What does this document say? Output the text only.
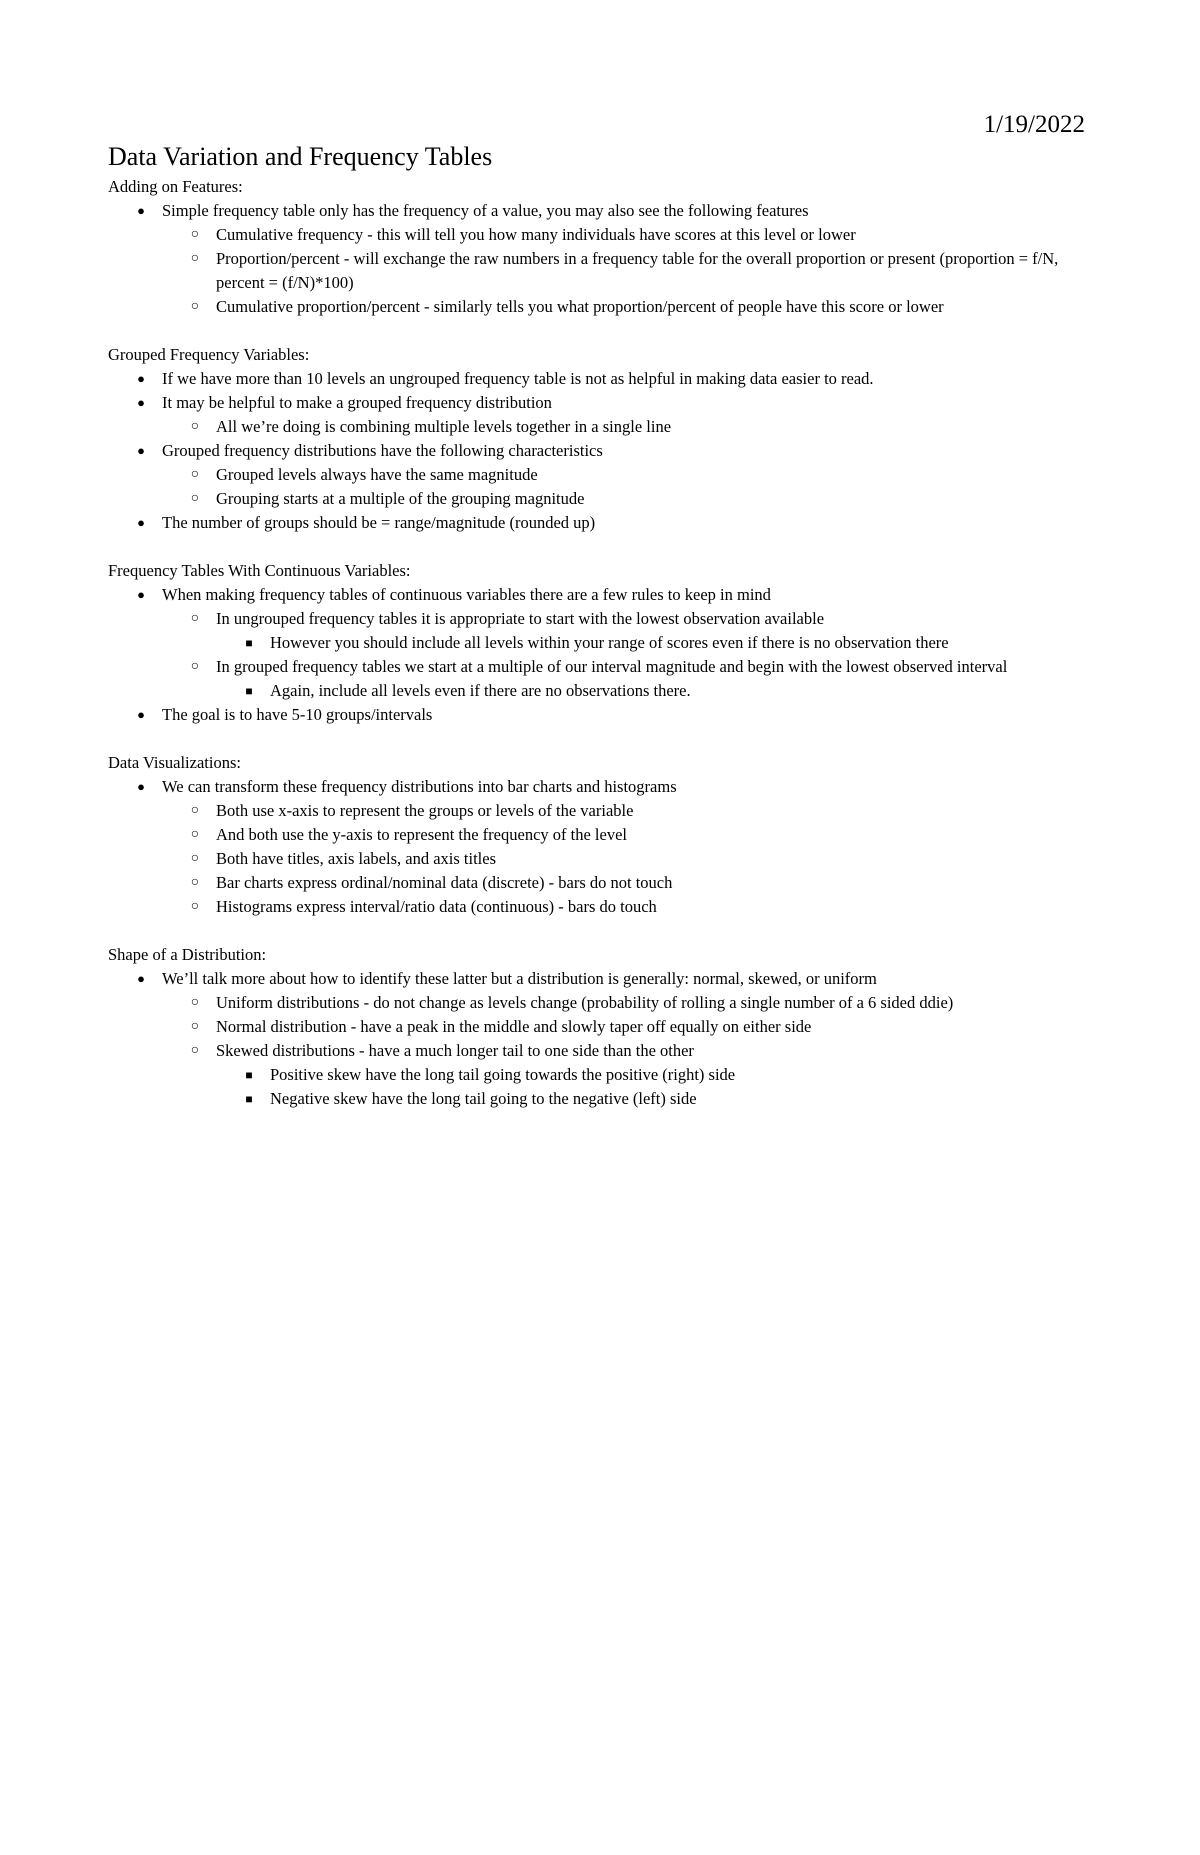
1/19/2022
Data Variation and Frequency Tables
Adding on Features:
●	Simple frequency table only has the frequency of a value, you may also see the following features
○	Cumulative frequency - this will tell you how many individuals have scores at this level or lower
○	Proportion/percent - will exchange the raw numbers in a frequency table for the overall proportion or present (proportion = f/N, percent = (f/N)*100)
○	Cumulative proportion/percent - similarly tells you what proportion/percent of people have this score or lower
Grouped Frequency Variables:
●	If we have more than 10 levels an ungrouped frequency table is not as helpful in making data easier to read.
●	It may be helpful to make a grouped frequency distribution
○	All we’re doing is combining multiple levels together in a single line
●	Grouped frequency distributions have the following characteristics
○	Grouped levels always have the same magnitude
○	Grouping starts at a multiple of the grouping magnitude
●	The number of groups should be = range/magnitude (rounded up)
Frequency Tables With Continuous Variables:
●	When making frequency tables of continuous variables there are a few rules to keep in mind
○	In ungrouped frequency tables it is appropriate to start with the lowest observation available
■	However you should include all levels within your range of scores even if there is no observation there
○	In grouped frequency tables we start at a multiple of our interval magnitude and begin with the lowest observed interval
■	Again, include all levels even if there are no observations there.
●	The goal is to have 5-10 groups/intervals
Data Visualizations:
●	We can transform these frequency distributions into bar charts and histograms
○	Both use x-axis to represent the groups or levels of the variable
○	And both use the y-axis to represent the frequency of the level
○	Both have titles, axis labels, and axis titles
○	Bar charts express ordinal/nominal data (discrete) - bars do not touch
○	Histograms express interval/ratio data (continuous) - bars do touch
Shape of a Distribution:
●	We’ll talk more about how to identify these latter but a distribution is generally: normal, skewed, or uniform
○	Uniform distributions - do not change as levels change (probability of rolling a single number of a 6 sided ddie)
○	Normal distribution - have a peak in the middle and slowly taper off equally on either side
○	Skewed distributions - have a much longer tail to one side than the other
■	Positive skew have the long tail going towards the positive (right) side
■	Negative skew have the long tail going to the negative (left) side
